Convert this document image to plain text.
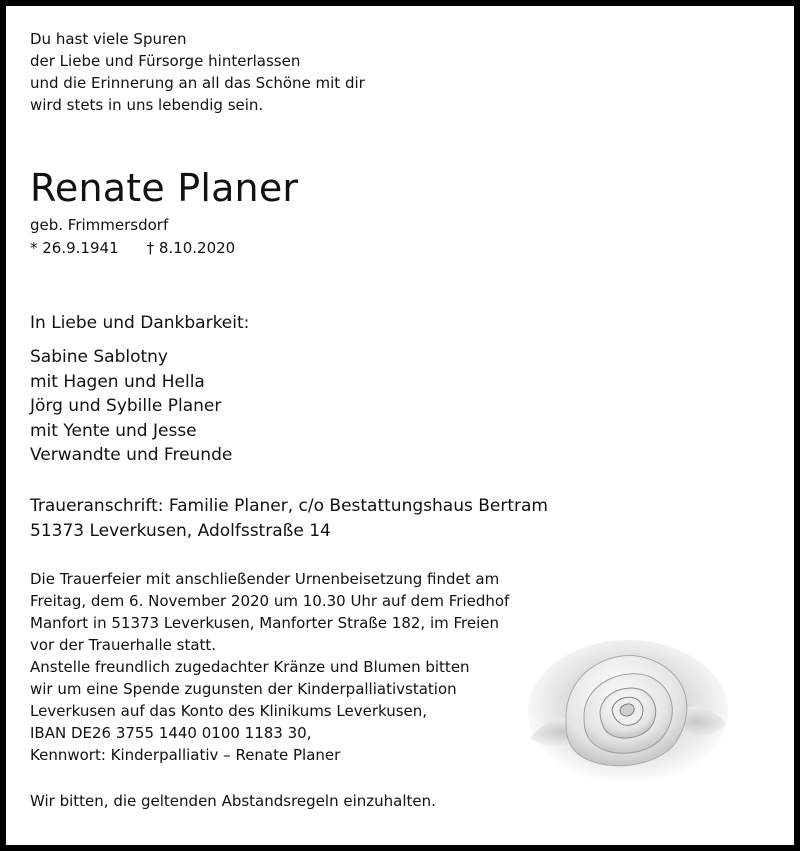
Du hast viele Spuren
der Liebe und Fürsorge hinterlassen
und die Erinnerung an all das Schöne mit dir
wird stets in uns lebendig sein.
Renate Planer
geb. Frimmersdorf
* 26.9.1941 † 8.10.2020
In Liebe und Dankbarkeit:
Sabine Sablotny
mit Hagen und Hella
Jörg und Sybille Planer
mit Yente und Jesse
Verwandte und Freunde
Traueranschrift: Familie Planer, c/o Bestattungshaus Bertram
51373 Leverkusen, Adolfsstraße 14
Die Trauerfeier mit anschließender Urnenbeisetzung findet am
Freitag, dem 6. November 2020 um 10.30 Uhr auf dem Friedhof
Manfort in 51373 Leverkusen, Manforter Straße 182, im Freien
vor der Trauerhalle statt.
Anstelle freundlich zugedachter Kränze und Blumen bitten
wir um eine Spende zugunsten der Kinderpalliativstation
Leverkusen auf das Konto des Klinikums Leverkusen,
IBAN DE26 3755 1440 0100 1183 30,
Kennwort: Kinderpalliativ – Renate Planer
Wir bitten, die geltenden Abstandsregeln einzuhalten.
